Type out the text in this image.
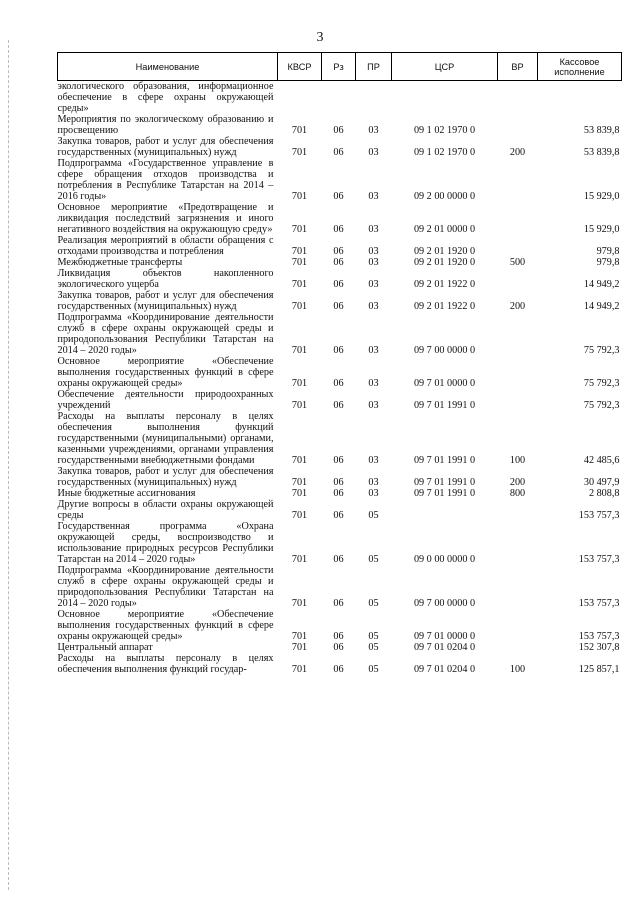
3
Наименование	КВСР	Рз	ПР	ЦСР	ВР	Кассовое исполнение
экологического образования, информационное обеспечение в сфере охраны окружающей среды»						
Мероприятия по экологическому образованию и просвещению	701	06	03	09 1 02 1970 0		53 839,8
Закупка товаров, работ и услуг для обеспечения государственных (муниципальных) нужд	701	06	03	09 1 02 1970 0	200	53 839,8
Подпрограмма «Государственное управление в сфере обращения отходов производства и потребления в Республике Татарстан на 2014 – 2016 годы»	701	06	03	09 2 00 0000 0		15 929,0
Основное мероприятие «Предотвращение и ликвидация последствий загрязнения и иного негативного воздействия на окружающую среду»	701	06	03	09 2 01 0000 0		15 929,0
Реализация мероприятий в области обращения с отходами производства и потребления	701	06	03	09 2 01 1920 0		979,8
Межбюджетные трансферты	701	06	03	09 2 01 1920 0	500	979,8
Ликвидация объектов накопленного экологического ущерба	701	06	03	09 2 01 1922 0		14 949,2
Закупка товаров, работ и услуг для обеспечения государственных (муниципальных) нужд	701	06	03	09 2 01 1922 0	200	14 949,2
Подпрограмма «Координирование деятельности служб в сфере охраны окружающей среды и природопользования Республики Татарстан на 2014 – 2020 годы»	701	06	03	09 7 00 0000 0		75 792,3
Основное мероприятие «Обеспечение выполнения государственных функций в сфере охраны окружающей среды»	701	06	03	09 7 01 0000 0		75 792,3
Обеспечение деятельности природоохранных учреждений	701	06	03	09 7 01 1991 0		75 792,3
Расходы на выплаты персоналу в целях обеспечения выполнения функций государственными (муниципальными) органами, казенными учреждениями, органами управления государственными внебюджетными фондами	701	06	03	09 7 01 1991 0	100	42 485,6
Закупка товаров, работ и услуг для обеспечения государственных (муниципальных) нужд	701	06	03	09 7 01 1991 0	200	30 497,9
Иные бюджетные ассигнования	701	06	03	09 7 01 1991 0	800	2 808,8
Другие вопросы в области охраны окружающей среды	701	06	05			153 757,3
Государственная программа «Охрана окружающей среды, воспроизводство и использование природных ресурсов Республики Татарстан на 2014 – 2020 годы»	701	06	05	09 0 00 0000 0		153 757,3
Подпрограмма «Координирование деятельности служб в сфере охраны окружающей среды и природопользования Республики Татарстан на 2014 – 2020 годы»	701	06	05	09 7 00 0000 0		153 757,3
Основное мероприятие «Обеспечение выполнения государственных функций в сфере охраны окружающей среды»	701	06	05	09 7 01 0000 0		153 757,3
Центральный аппарат	701	06	05	09 7 01 0204 0		152 307,8
Расходы на выплаты персоналу в целях обеспечения выполнения функций государ-	701	06	05	09 7 01 0204 0	100	125 857,1
